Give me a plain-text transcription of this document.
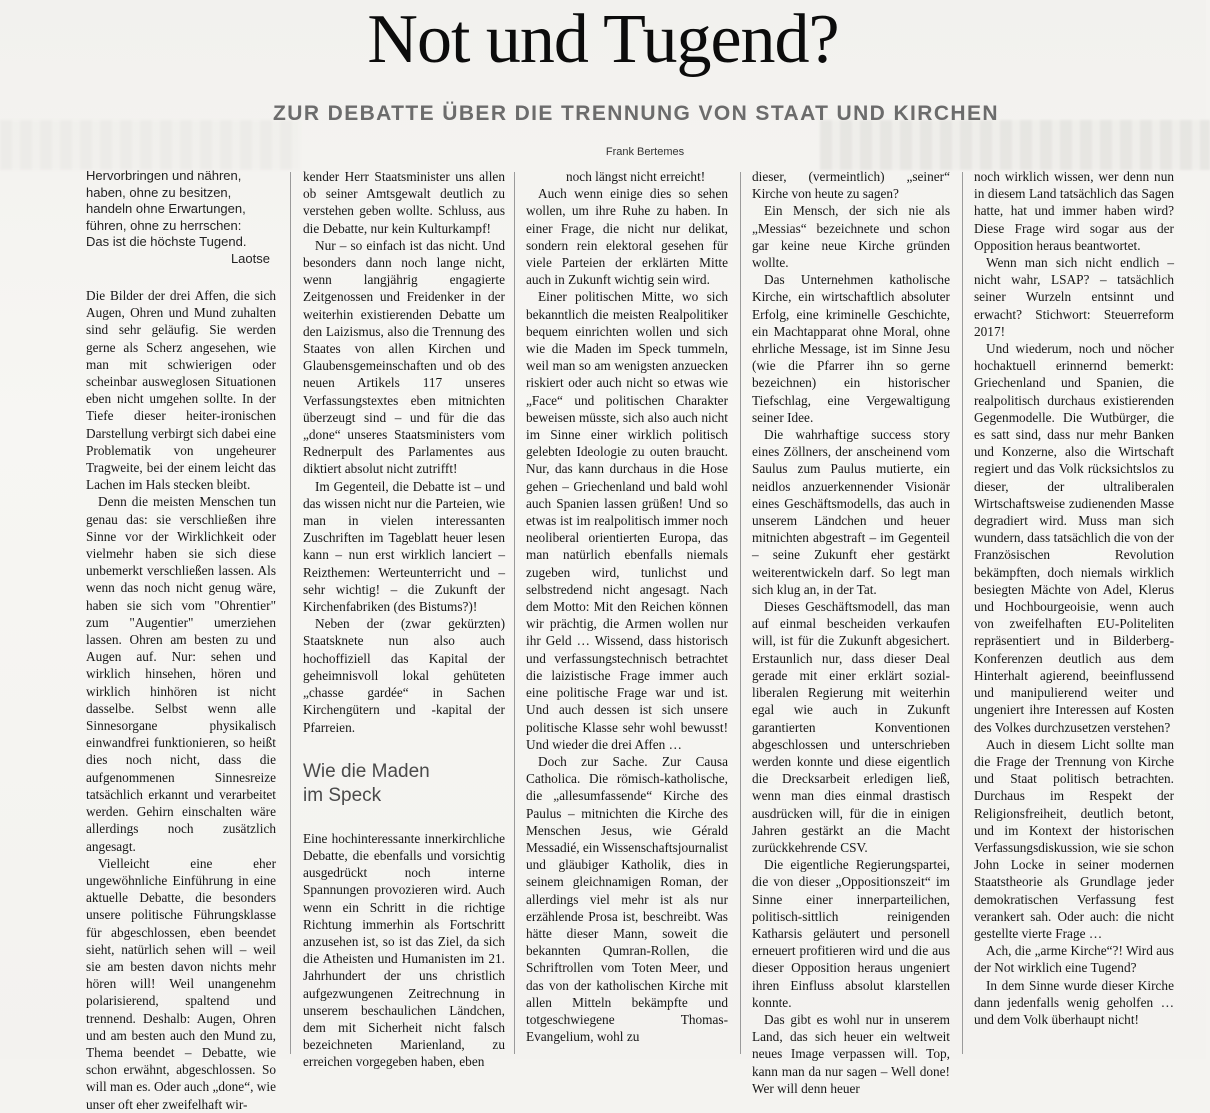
Not und Tugend?
ZUR DEBATTE ÜBER DIE TRENNUNG VON STAAT UND KIRCHEN
Frank Bertemes
Hervorbringen und nähren,
haben, ohne zu besitzen,
handeln ohne Erwartungen,
führen, ohne zu herrschen:
Das ist die höchste Tugend.
Laotse

Die Bilder der drei Affen, die sich Augen, Ohren und Mund zuhalten sind sehr geläufig. Sie werden gerne als Scherz angesehen, wie man mit schwierigen oder scheinbar ausweglosen Situationen eben nicht umgehen sollte. In der Tiefe dieser heiter-ironischen Darstellung verbirgt sich dabei eine Problematik von ungeheurer Tragweite, bei der einem leicht das Lachen im Hals stecken bleibt.

Denn die meisten Menschen tun genau das: sie verschließen ihre Sinne vor der Wirklichkeit oder vielmehr haben sie sich diese unbemerkt verschließen lassen. Als wenn das noch nicht genug wäre, haben sie sich vom "Ohrentier" zum "Augentier" umerziehen lassen. Ohren am besten zu und Augen auf. Nur: sehen und wirklich hinsehen, hören und wirklich hinhören ist nicht dasselbe. Selbst wenn alle Sinnesorgane physikalisch einwandfrei funktionieren, so heißt dies noch nicht, dass die aufgenommenen Sinnesreize tatsächlich erkannt und verarbeitet werden. Gehirn einschalten wäre allerdings noch zusätzlich angesagt.

Vielleicht eine eher ungewöhnliche Einführung in eine aktuelle Debatte, die besonders unsere politische Führungsklasse für abgeschlossen, eben beendet sieht, natürlich sehen will – weil sie am besten davon nichts mehr hören will! Weil unangenehm polarisierend, spaltend und trennend. Deshalb: Augen, Ohren und am besten auch den Mund zu, Thema beendet – Debatte, wie schon erwähnt, abgeschlossen. So will man es. Oder auch „done“, wie unser oft eher zweifelhaft wir-

kender Herr Staatsminister uns allen ob seiner Amtsgewalt deutlich zu verstehen geben wollte. Schluss, aus die Debatte, nur kein Kulturkampf!

Nur – so einfach ist das nicht. Und besonders dann noch lange nicht, wenn langjährig engagierte Zeitgenossen und Freidenker in der weiterhin existierenden Debatte um den Laizismus, also die Trennung des Staates von allen Kirchen und Glaubensgemeinschaften und ob des neuen Artikels 117 unseres Verfassungstextes eben mitnichten überzeugt sind – und für die das „done“ unseres Staatsministers vom Rednerpult des Parlamentes aus diktiert absolut nicht zutrifft!

Im Gegenteil, die Debatte ist – und das wissen nicht nur die Parteien, wie man in vielen interessanten Zuschriften im Tageblatt heuer lesen kann – nun erst wirklich lanciert – Reizthemen: Werteunterricht und – sehr wichtig! – die Zukunft der Kirchenfabriken (des Bistums?)!

Neben der (zwar gekürzten) Staatsknete nun also auch hochoffiziell das Kapital der geheimnisvoll lokal gehüteten „chasse gardée“ in Sachen Kirchengütern und -kapital der Pfarreien.

Wie die Maden
im Speck

Eine hochinteressante innerkirchliche Debatte, die ebenfalls und vorsichtig ausgedrückt noch interne Spannungen provozieren wird. Auch wenn ein Schritt in die richtige Richtung immerhin als Fortschritt anzusehen ist, so ist das Ziel, da sich die Atheisten und Humanisten im 21. Jahrhundert der uns christlich aufgezwungenen Zeitrechnung in unserem beschaulichen Ländchen, dem mit Sicherheit nicht falsch bezeichneten Marienland, zu erreichen vorgegeben haben, eben

noch längst nicht erreicht!

Auch wenn einige dies so sehen wollen, um ihre Ruhe zu haben. In einer Frage, die nicht nur delikat, sondern rein elektoral gesehen für viele Parteien der erklärten Mitte auch in Zukunft wichtig sein wird.

Einer politischen Mitte, wo sich bekanntlich die meisten Realpolitiker bequem einrichten wollen und sich wie die Maden im Speck tummeln, weil man so am wenigsten anzuecken riskiert oder auch nicht so etwas wie „Face“ und politischen Charakter beweisen müsste, sich also auch nicht im Sinne einer wirklich politisch gelebten Ideologie zu outen braucht. Nur, das kann durchaus in die Hose gehen – Griechenland und bald wohl auch Spanien lassen grüßen! Und so etwas ist im realpolitisch immer noch neoliberal orientierten Europa, das man natürlich ebenfalls niemals zugeben wird, tunlichst und selbstredend nicht angesagt. Nach dem Motto: Mit den Reichen können wir prächtig, die Armen wollen nur ihr Geld … Wissend, dass historisch und verfassungstechnisch betrachtet die laizistische Frage immer auch eine politische Frage war und ist. Und auch dessen ist sich unsere politische Klasse sehr wohl bewusst! Und wieder die drei Affen …

Doch zur Sache. Zur Causa Catholica. Die römisch-katholische, die „allesumfassende“ Kirche des Paulus – mitnichten die Kirche des Menschen Jesus, wie Gérald Messadié, ein Wissenschaftsjournalist und gläubiger Katholik, dies in seinem gleichnamigen Roman, der allerdings viel mehr ist als nur erzählende Prosa ist, beschreibt. Was hätte dieser Mann, soweit die bekannten Qumran-Rollen, die Schriftrollen vom Toten Meer, und das von der katholischen Kirche mit allen Mitteln bekämpfte und totgeschwiegene Thomas-Evangelium, wohl zu

dieser, (vermeintlich) „seiner“ Kirche von heute zu sagen?

Ein Mensch, der sich nie als „Messias“ bezeichnete und schon gar keine neue Kirche gründen wollte.

Das Unternehmen katholische Kirche, ein wirtschaftlich absoluter Erfolg, eine kriminelle Geschichte, ein Machtapparat ohne Moral, ohne ehrliche Message, ist im Sinne Jesu (wie die Pfarrer ihn so gerne bezeichnen) ein historischer Tiefschlag, eine Vergewaltigung seiner Idee.

Die wahrhaftige success story eines Zöllners, der anscheinend vom Saulus zum Paulus mutierte, ein neidlos anzuerkennender Visionär eines Geschäftsmodells, das auch in unserem Ländchen und heuer mitnichten abgestraft – im Gegenteil – seine Zukunft eher gestärkt weiterentwickeln darf. So legt man sich klug an, in der Tat.

Dieses Geschäftsmodell, das man auf einmal bescheiden verkaufen will, ist für die Zukunft abgesichert. Erstaunlich nur, dass dieser Deal gerade mit einer erklärt sozial-liberalen Regierung mit weiterhin egal wie auch in Zukunft garantierten Konventionen abgeschlossen und unterschrieben werden konnte und diese eigentlich die Drecksarbeit erledigen ließ, wenn man dies einmal drastisch ausdrücken will, für die in einigen Jahren gestärkt an die Macht zurückkehrende CSV.

Die eigentliche Regierungspartei, die von dieser „Oppositionszeit“ im Sinne einer innerparteilichen, politisch-sittlich reinigenden Katharsis geläutert und personell erneuert profitieren wird und die aus dieser Opposition heraus ungeniert ihren Einfluss absolut klarstellen konnte.

Das gibt es wohl nur in unserem Land, das sich heuer ein weltweit neues Image verpassen will. Top, kann man da nur sagen – Well done! Wer will denn heuer

noch wirklich wissen, wer denn nun in diesem Land tatsächlich das Sagen hatte, hat und immer haben wird? Diese Frage wird sogar aus der Opposition heraus beantwortet.

Wenn man sich nicht endlich – nicht wahr, LSAP? – tatsächlich seiner Wurzeln entsinnt und erwacht? Stichwort: Steuerreform 2017!

Und wiederum, noch und nöcher hochaktuell erinnernd bemerkt: Griechenland und Spanien, die realpolitisch durchaus existierenden Gegenmodelle. Die Wutbürger, die es satt sind, dass nur mehr Banken und Konzerne, also die Wirtschaft regiert und das Volk rücksichtslos zu dieser, der ultraliberalen Wirtschaftsweise zudienenden Masse degradiert wird. Muss man sich wundern, dass tatsächlich die von der Französischen Revolution bekämpften, doch niemals wirklich besiegten Mächte von Adel, Klerus und Hochbourgeoisie, wenn auch von zweifelhaften EU-Politeliten repräsentiert und in Bilderberg-Konferenzen deutlich aus dem Hinterhalt agierend, beeinflussend und manipulierend weiter und ungeniert ihre Interessen auf Kosten des Volkes durchzusetzen verstehen?

Auch in diesem Licht sollte man die Frage der Trennung von Kirche und Staat politisch betrachten. Durchaus im Respekt der Religionsfreiheit, deutlich betont, und im Kontext der historischen Verfassungsdiskussion, wie sie schon John Locke in seiner modernen Staatstheorie als Grundlage jeder demokratischen Verfassung fest verankert sah. Oder auch: die nicht gestellte vierte Frage …

Ach, die „arme Kirche“?! Wird aus der Not wirklich eine Tugend?

In dem Sinne wurde dieser Kirche dann jedenfalls wenig geholfen … und dem Volk überhaupt nicht!
